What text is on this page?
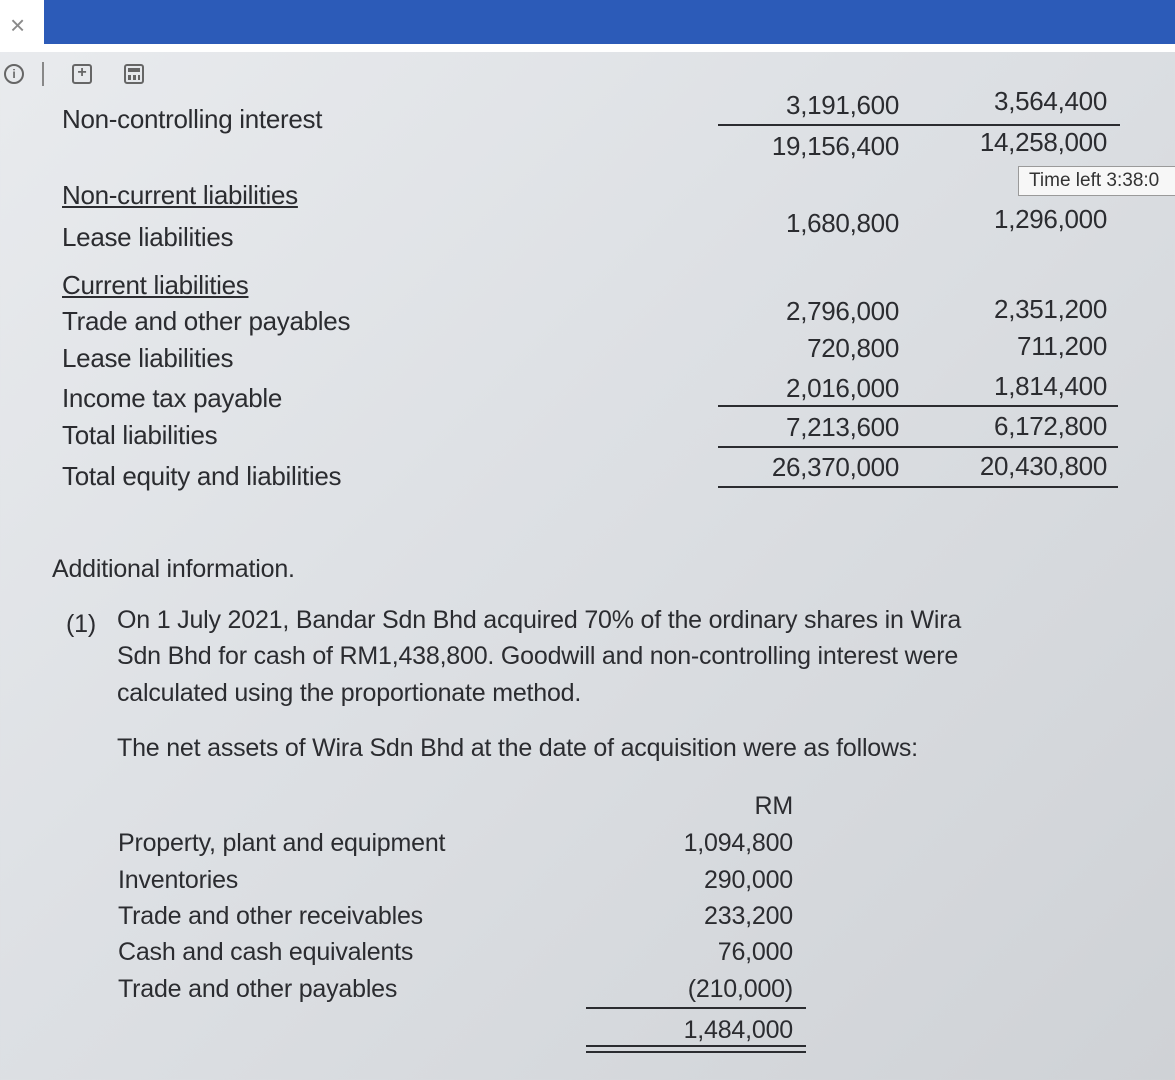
×
i	+
Time left 3:38:0
Non-controlling interest	3,191,600	3,564,400
19,156,400	14,258,000
Non-current liabilities
Lease liabilities	1,680,800	1,296,000
Current liabilities
Trade and other payables	2,796,000	2,351,200
Lease liabilities	720,800	711,200
Income tax payable	2,016,000	1,814,400
Total liabilities	7,213,600	6,172,800
Total equity and liabilities	26,370,000	20,430,800
Additional information.
(1) On 1 July 2021, Bandar Sdn Bhd acquired 70% of the ordinary shares in Wira
Sdn Bhd for cash of RM1,438,800. Goodwill and non-controlling interest were
calculated using the proportionate method.
The net assets of Wira Sdn Bhd at the date of acquisition were as follows:
RM
Property, plant and equipment	1,094,800
Inventories	290,000
Trade and other receivables	233,200
Cash and cash equivalents	76,000
Trade and other payables	(210,000)
1,484,000
